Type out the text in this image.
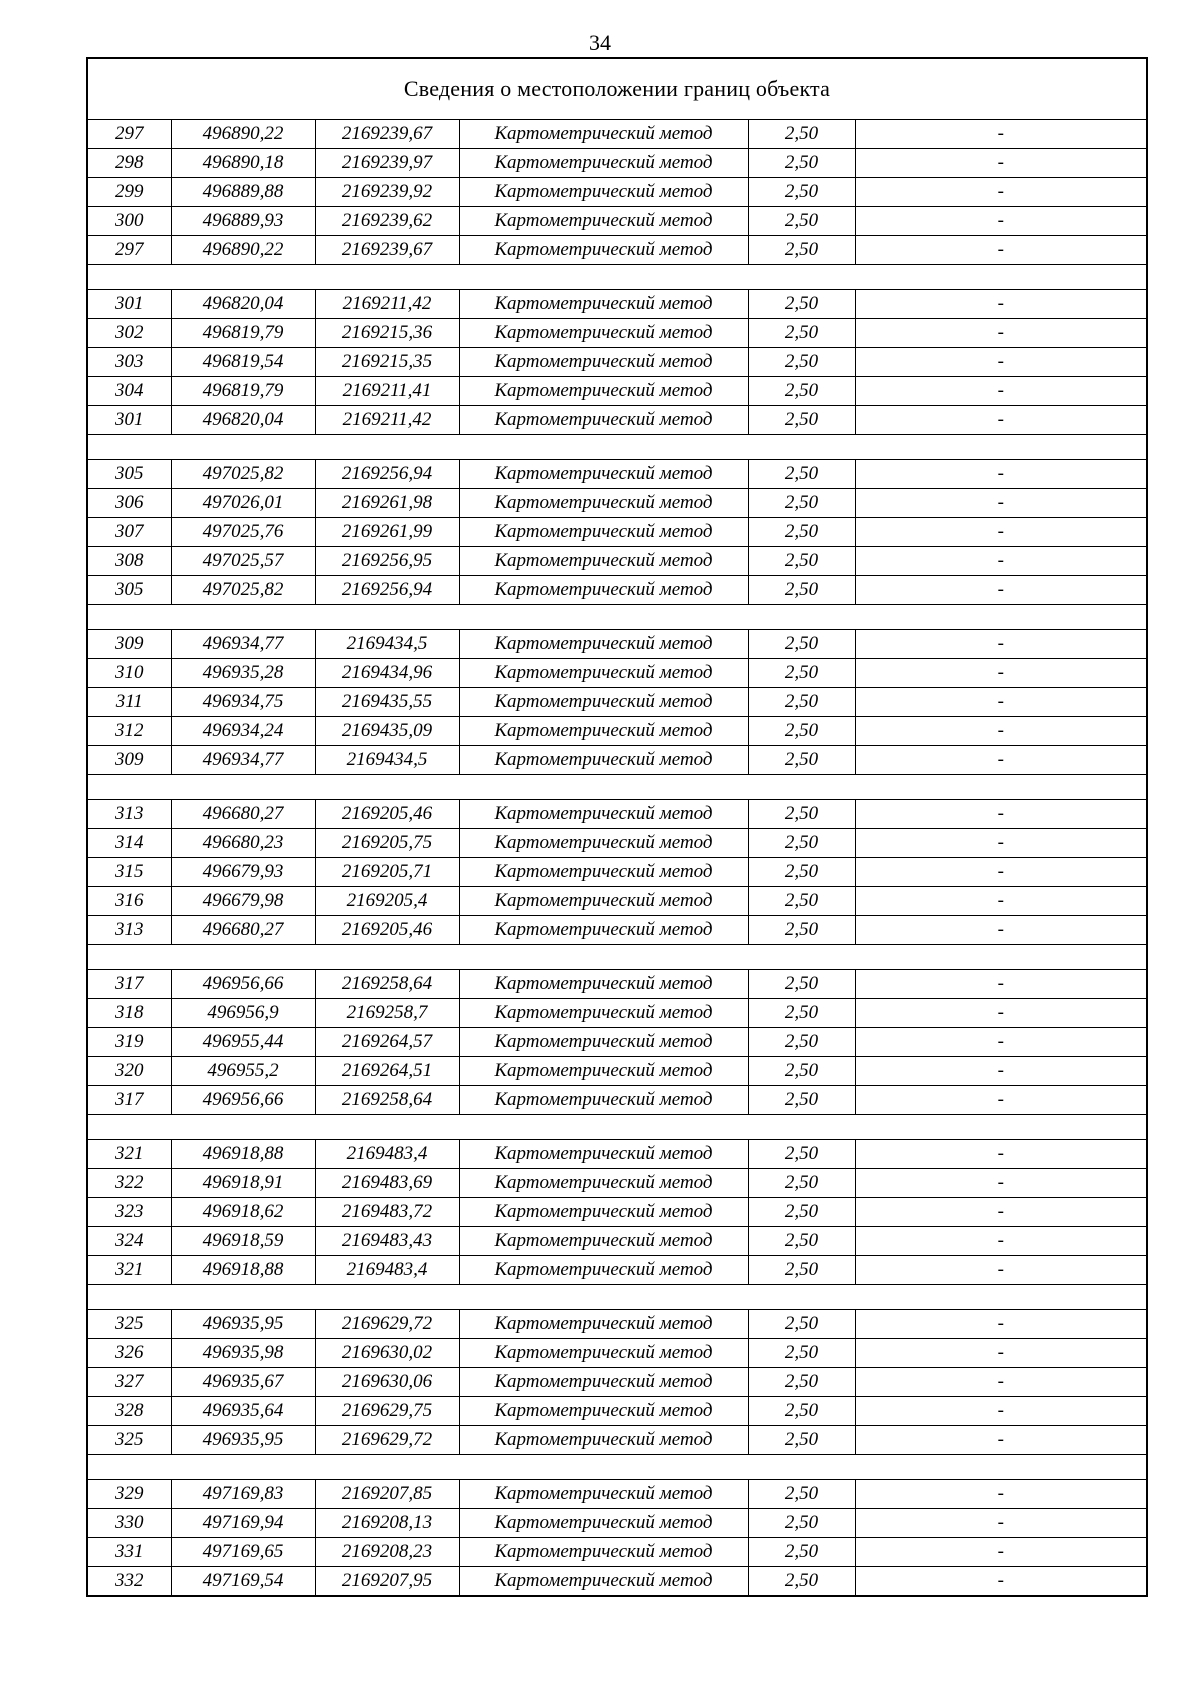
34
Сведения о местоположении границ объекта					
297	496890,22	2169239,67	Картометрический метод	2,50	-
298	496890,18	2169239,97	Картометрический метод	2,50	-
299	496889,88	2169239,92	Картометрический метод	2,50	-
300	496889,93	2169239,62	Картометрический метод	2,50	-
297	496890,22	2169239,67	Картометрический метод	2,50	-

301	496820,04	2169211,42	Картометрический метод	2,50	-
302	496819,79	2169215,36	Картометрический метод	2,50	-
303	496819,54	2169215,35	Картометрический метод	2,50	-
304	496819,79	2169211,41	Картометрический метод	2,50	-
301	496820,04	2169211,42	Картометрический метод	2,50	-

305	497025,82	2169256,94	Картометрический метод	2,50	-
306	497026,01	2169261,98	Картометрический метод	2,50	-
307	497025,76	2169261,99	Картометрический метод	2,50	-
308	497025,57	2169256,95	Картометрический метод	2,50	-
305	497025,82	2169256,94	Картометрический метод	2,50	-

309	496934,77	2169434,5	Картометрический метод	2,50	-
310	496935,28	2169434,96	Картометрический метод	2,50	-
311	496934,75	2169435,55	Картометрический метод	2,50	-
312	496934,24	2169435,09	Картометрический метод	2,50	-
309	496934,77	2169434,5	Картометрический метод	2,50	-

313	496680,27	2169205,46	Картометрический метод	2,50	-
314	496680,23	2169205,75	Картометрический метод	2,50	-
315	496679,93	2169205,71	Картометрический метод	2,50	-
316	496679,98	2169205,4	Картометрический метод	2,50	-
313	496680,27	2169205,46	Картометрический метод	2,50	-

317	496956,66	2169258,64	Картометрический метод	2,50	-
318	496956,9	2169258,7	Картометрический метод	2,50	-
319	496955,44	2169264,57	Картометрический метод	2,50	-
320	496955,2	2169264,51	Картометрический метод	2,50	-
317	496956,66	2169258,64	Картометрический метод	2,50	-

321	496918,88	2169483,4	Картометрический метод	2,50	-
322	496918,91	2169483,69	Картометрический метод	2,50	-
323	496918,62	2169483,72	Картометрический метод	2,50	-
324	496918,59	2169483,43	Картометрический метод	2,50	-
321	496918,88	2169483,4	Картометрический метод	2,50	-

325	496935,95	2169629,72	Картометрический метод	2,50	-
326	496935,98	2169630,02	Картометрический метод	2,50	-
327	496935,67	2169630,06	Картометрический метод	2,50	-
328	496935,64	2169629,75	Картометрический метод	2,50	-
325	496935,95	2169629,72	Картометрический метод	2,50	-

329	497169,83	2169207,85	Картометрический метод	2,50	-
330	497169,94	2169208,13	Картометрический метод	2,50	-
331	497169,65	2169208,23	Картометрический метод	2,50	-
332	497169,54	2169207,95	Картометрический метод	2,50	-
